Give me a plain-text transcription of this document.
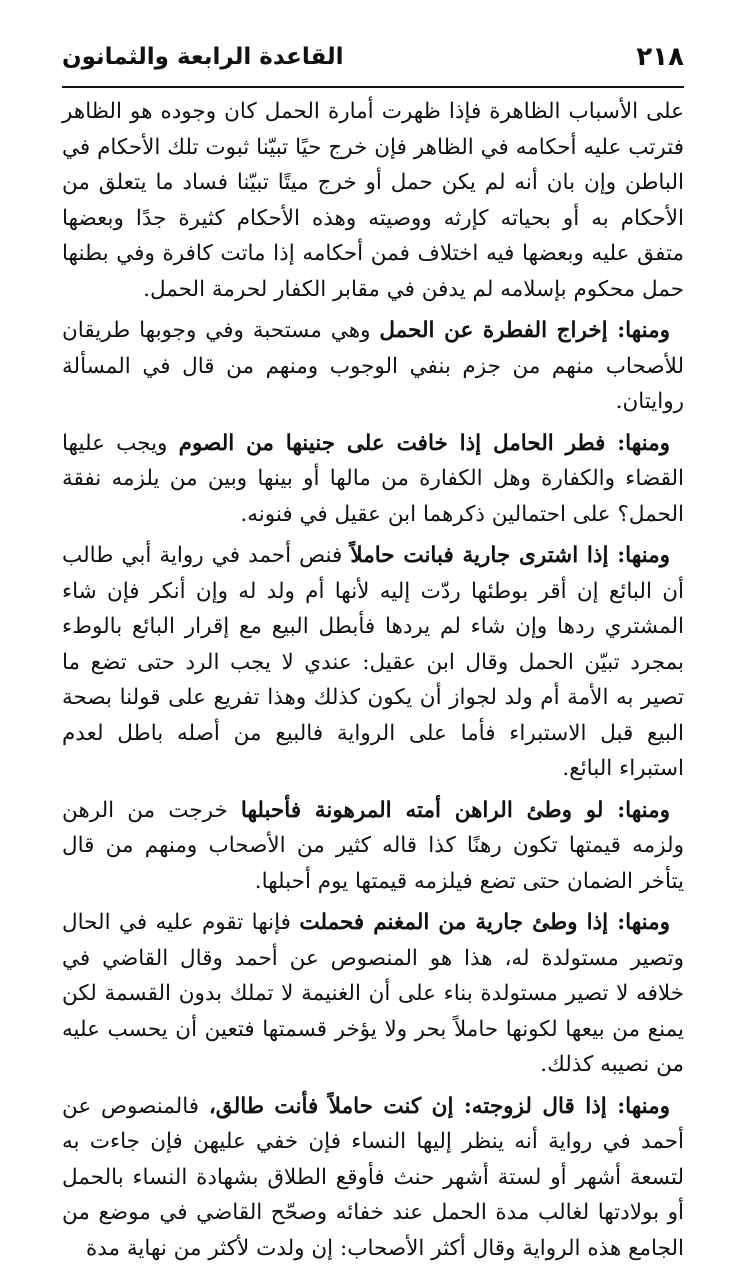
٢١٨
القاعدة الرابعة والثمانون

على الأسباب الظاهرة فإذا ظهرت أمارة الحمل كان وجوده هو الظاهر فترتب عليه أحكامه في الظاهر فإن خرج حيًا تبيّنا ثبوت تلك الأحكام في الباطن وإن بان أنه لم يكن حمل أو خرج ميتًا تبيّنا فساد ما يتعلق من الأحكام به أو بحياته كإرثه ووصيته وهذه الأحكام كثيرة جدًا وبعضها متفق عليه وبعضها فيه اختلاف فمن أحكامه إذا ماتت كافرة وفي بطنها حمل محكوم بإسلامه لم يدفن في مقابر الكفار لحرمة الحمل.

ومنها: إخراج الفطرة عن الحمل وهي مستحبة وفي وجوبها طريقان للأصحاب منهم من جزم بنفي الوجوب ومنهم من قال في المسألة روايتان.

ومنها: فطر الحامل إذا خافت على جنينها من الصوم ويجب عليها القضاء والكفارة وهل الكفارة من مالها أو بينها وبين من يلزمه نفقة الحمل؟ على احتمالين ذكرهما ابن عقيل في فنونه.

ومنها: إذا اشترى جارية فبانت حاملاً فنص أحمد في رواية أبي طالب أن البائع إن أقر بوطئها ردّت إليه لأنها أم ولد له وإن أنكر فإن شاء المشتري ردها وإن شاء لم يردها فأبطل البيع مع إقرار البائع بالوطء بمجرد تبيّن الحمل وقال ابن عقيل: عندي لا يجب الرد حتى تضع ما تصير به الأمة أم ولد لجواز أن يكون كذلك وهذا تفريع على قولنا بصحة البيع قبل الاستبراء فأما على الرواية فالبيع من أصله باطل لعدم استبراء البائع.

ومنها: لو وطئ الراهن أمته المرهونة فأحبلها خرجت من الرهن ولزمه قيمتها تكون رهنًا كذا قاله كثير من الأصحاب ومنهم من قال يتأخر الضمان حتى تضع فيلزمه قيمتها يوم أحبلها.

ومنها: إذا وطئ جارية من المغنم فحملت فإنها تقوم عليه في الحال وتصير مستولدة له، هذا هو المنصوص عن أحمد وقال القاضي في خلافه لا تصير مستولدة بناء على أن الغنيمة لا تملك بدون القسمة لكن يمنع من بيعها لكونها حاملاً بحر ولا يؤخر قسمتها فتعين أن يحسب عليه من نصيبه كذلك.

ومنها: إذا قال لزوجته: إن كنت حاملاً فأنت طالق، فالمنصوص عن أحمد في رواية أنه ينظر إليها النساء فإن خفي عليهن فإن جاءت به لتسعة أشهر أو لستة أشهر حنث فأوقع الطلاق بشهادة النساء بالحمل أو بولادتها لغالب مدة الحمل عند خفائه وصحّح القاضي في موضع من الجامع هذه الرواية وقال أكثر الأصحاب: إن ولدت لأكثر من نهاية مدة
